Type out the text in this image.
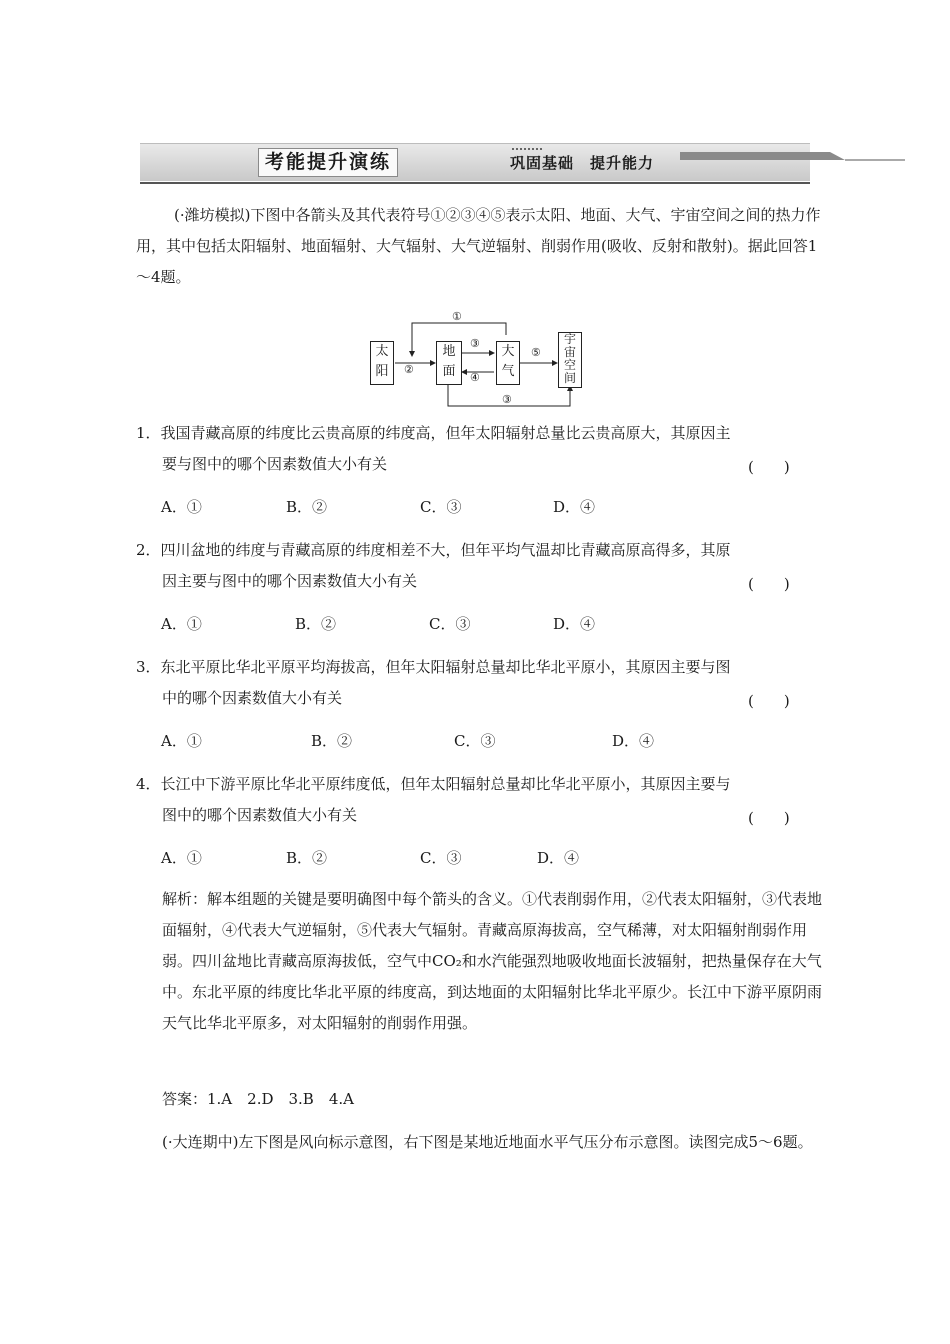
考能提升演练	巩固基础　提升能力

(·潍坊模拟)下图中各箭头及其代表符号①②③④⑤表示太阳、地面、大气、宇宙空间之间的热力作用，其中包括太阳辐射、地面辐射、大气辐射、大气逆辐射、削弱作用(吸收、反射和散射)。据此回答1～4题。

太
阳
地
面
大
气
宇
宙
空
间
①
②
③
④
⑤
③
1．我国青藏高原的纬度比云贵高原的纬度高，但年太阳辐射总量比云贵高原大，其原因主
要与图中的哪个因素数值大小有关	(　　)
A．①	B．②	C．③	D．④
2．四川盆地的纬度与青藏高原的纬度相差不大，但年平均气温却比青藏高原高得多，其原
因主要与图中的哪个因素数值大小有关	(　　)
A．①	B．②	C．③	D．④
3．东北平原比华北平原平均海拔高，但年太阳辐射总量却比华北平原小，其原因主要与图
中的哪个因素数值大小有关	(　　)
A．①	B．②	C．③	D．④
4．长江中下游平原比华北平原纬度低，但年太阳辐射总量却比华北平原小，其原因主要与
图中的哪个因素数值大小有关	(　　)
A．①	B．②	C．③	D．④

解析：解本组题的关键是要明确图中每个箭头的含义。①代表削弱作用，②代表太阳辐射，③代表地面辐射，④代表大气逆辐射，⑤代表大气辐射。青藏高原海拔高，空气稀薄，对太阳辐射削弱作用弱。四川盆地比青藏高原海拔低，空气中CO₂和水汽能强烈地吸收地面长波辐射，把热量保存在大气中。东北平原的纬度比华北平原的纬度高，到达地面的太阳辐射比华北平原少。长江中下游平原阴雨天气比华北平原多，对太阳辐射的削弱作用强。

答案：1.A　2.D　3.B　4.A

(·大连期中)左下图是风向标示意图，右下图是某地近地面水平气压分布示意图。读图完成5～6题。
